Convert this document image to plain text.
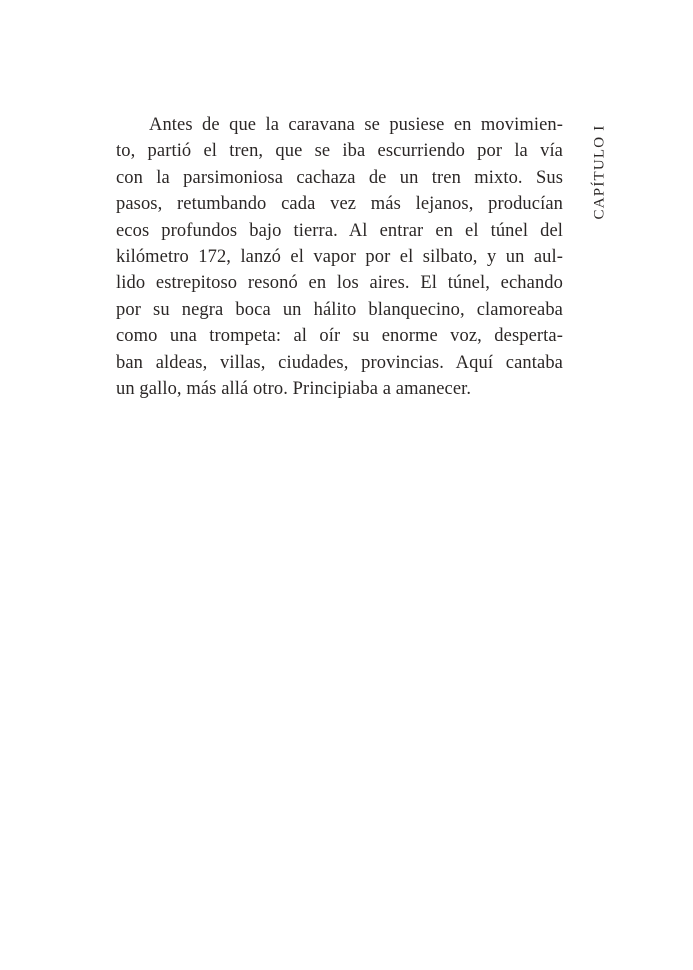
CAPÍTULO I
Antes de que la caravana se pusiese en movimien-
to, partió el tren, que se iba escurriendo por la vía
con la parsimoniosa cachaza de un tren mixto. Sus
pasos, retumbando cada vez más lejanos, producían
ecos profundos bajo tierra. Al entrar en el túnel del
kilómetro 172, lanzó el vapor por el silbato, y un aul-
lido estrepitoso resonó en los aires. El túnel, echando
por su negra boca un hálito blanquecino, clamoreaba
como una trompeta: al oír su enorme voz, desperta-
ban aldeas, villas, ciudades, provincias. Aquí cantaba
un gallo, más allá otro. Principiaba a amanecer.
